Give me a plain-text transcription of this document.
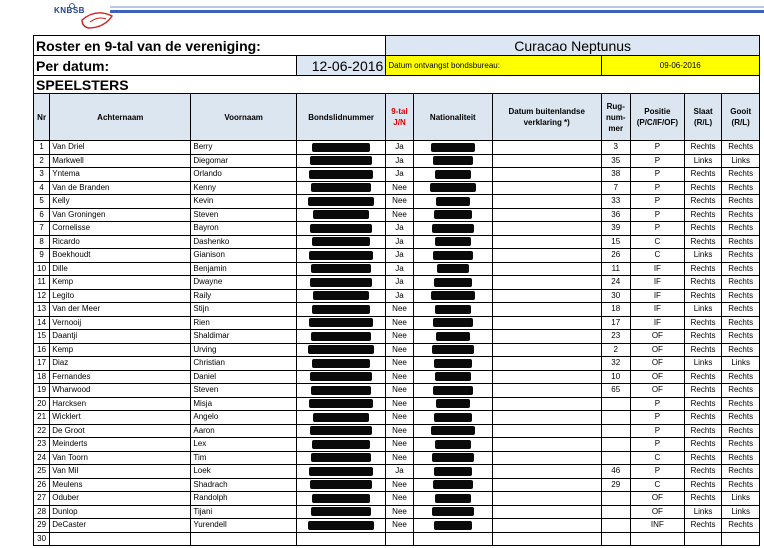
KNBSB
Roster en 9-tal van de vereniging:				Curacao Neptunus						
Per datum:			12-06-2016	Datum ontvangst bondsbureau:			09-06-2016			
SPEELSTERS										
Nr	Achternaam	Voornaam	Bondslidnummer	9-tal J/N	Nationaliteit	Datum buitenlandse verklaring *)	Rug-num-mer	Positie (P/C/IF/OF)	Slaat (R/L)	Gooit (R/L)
1	Van Driel	Berry		Ja			3	P	Rechts	Rechts
2	Markwell	Diegomar		Ja			35	P	Links	Links
3	Yntema	Orlando		Ja			38	P	Rechts	Rechts
4	Van de Branden	Kenny		Nee			7	P	Rechts	Rechts
5	Kelly	Kevin		Nee			33	P	Rechts	Rechts
6	Van Groningen	Steven		Nee			36	P	Rechts	Rechts
7	Cornelisse	Bayron		Ja			39	P	Rechts	Rechts
8	Ricardo	Dashenko		Ja			15	C	Rechts	Rechts
9	Boekhoudt	Gianison		Ja			26	C	Links	Rechts
10	Dille	Benjamin		Ja			11	IF	Rechts	Rechts
11	Kemp	Dwayne		Ja			24	IF	Rechts	Rechts
12	Legito	Raily		Ja			30	IF	Rechts	Rechts
13	Van der Meer	Stijn		Nee			18	IF	Links	Rechts
14	Vernooij	Rien		Nee			17	IF	Rechts	Rechts
15	Daantji	Shaldimar		Nee			23	OF	Rechts	Rechts
16	Kemp	Urving		Nee			2	OF	Rechts	Rechts
17	Diaz	Christian		Nee			32	OF	Links	Links
18	Fernandes	Daniel		Nee			10	OF	Rechts	Rechts
19	Wharwood	Steven		Nee			65	OF	Rechts	Rechts
20	Harcksen	Misja		Nee				P	Rechts	Rechts
21	Wicklert	Angelo		Nee				P	Rechts	Rechts
22	De Groot	Aaron		Nee				P	Rechts	Rechts
23	Meinderts	Lex		Nee				P	Rechts	Rechts
24	Van Toorn	Tim		Nee				C	Rechts	Rechts
25	Van Mil	Loek		Ja			46	P	Rechts	Rechts
26	Meulens	Shadrach		Nee			29	C	Rechts	Rechts
27	Oduber	Randolph		Nee				OF	Rechts	Links
28	Dunlop	Tijani		Nee				OF	Links	Links
29	DeCaster	Yurendell		Nee				INF	Rechts	Rechts
30										
